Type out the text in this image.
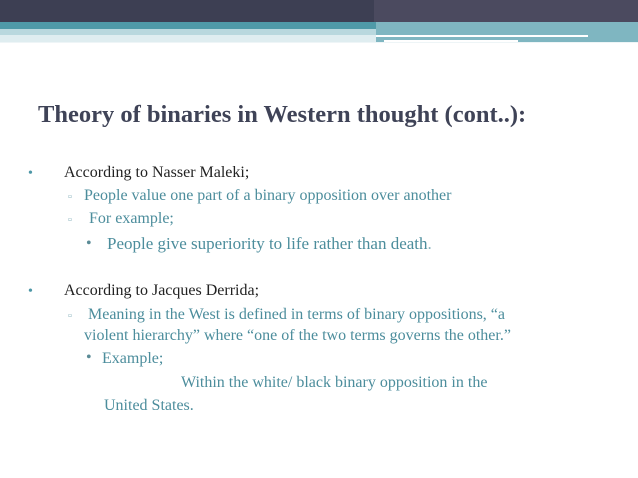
Theory of binaries in Western thought (cont..):
• According to Nasser Maleki;
▫ People value one part of a binary opposition over another
▫ For example;
• People give superiority to life rather than death.
• According to Jacques Derrida;
▫ Meaning in the West is defined in terms of binary oppositions, “a
violent hierarchy” where “one of the two terms governs the other.”
• Example;
Within the white/ black binary opposition in the
United States.
